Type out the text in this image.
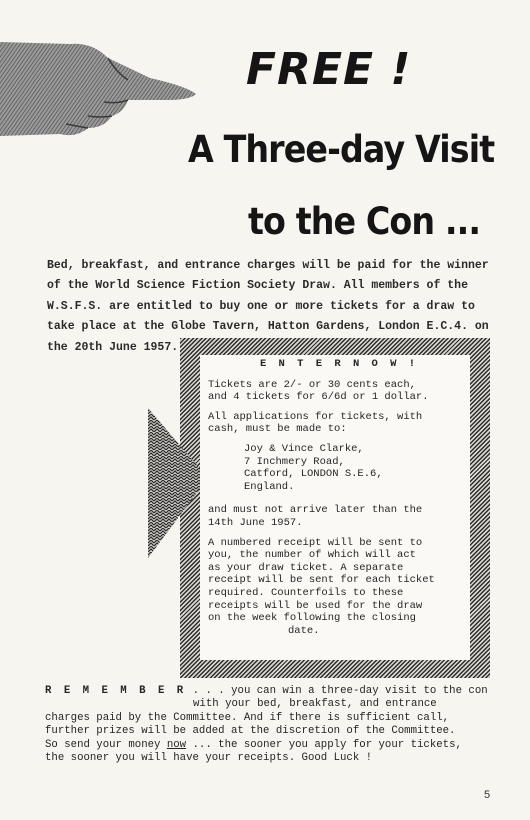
FREE !
A Three-day Visit
to the Con ...
Bed, breakfast, and entrance charges will be paid for the winner
of the World Science Fiction Society Draw. All members of the
W.S.F.S. are entitled to buy one or more tickets for a draw to
take place at the Globe Tavern, Hatton Gardens, London E.C.4. on
the 20th June 1957.

E N T E R N O W !

Tickets are 2/- or 30 cents each,
and 4 tickets for 6/6d or 1 dollar.

All applications for tickets, with
cash, must be made to:

Joy & Vince Clarke,
7 Inchmery Road,
Catford, LONDON S.E.6,
England.

and must not arrive later than the
14th June 1957.

A numbered receipt will be sent to
you, the number of which will act
as your draw ticket. A separate
receipt will be sent for each ticket
required. Counterfoils to these
receipts will be used for the draw
on the week following the closing
date.

R E M E M B E R . . . you can win a three-day visit to the con
with your bed, breakfast, and entrance
charges paid by the Committee. And if there is sufficient call,
further prizes will be added at the discretion of the Committee.
So send your money now ... the sooner you apply for your tickets,
the sooner you will have your receipts. Good Luck !
5
